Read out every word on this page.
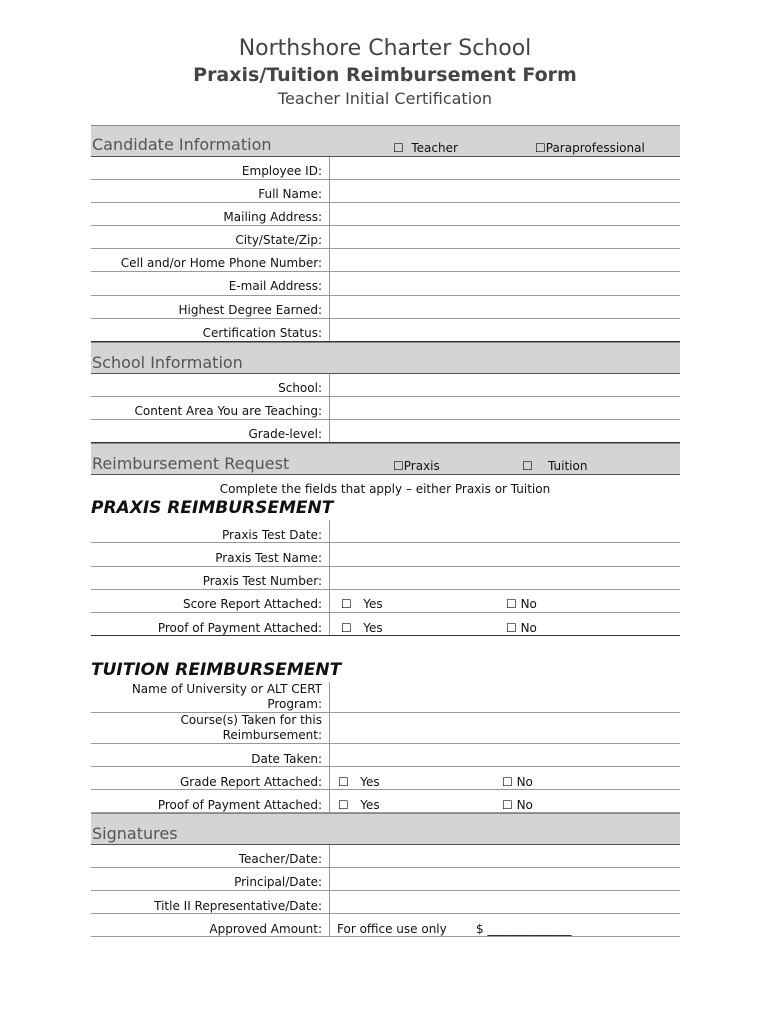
Northshore Charter School
Praxis/Tuition Reimbursement Form
Teacher Initial Certification
Candidate Information	☐  Teacher	☐Paraprofessional
Employee ID:
Full Name:
Mailing Address:
City/State/Zip:
Cell and/or Home Phone Number:
E-mail Address:
Highest Degree Earned:
Certification Status:
School Information
School:
Content Area You are Teaching:
Grade-level:
Reimbursement Request	☐Praxis	☐    Tuition
Complete the fields that apply – either Praxis or Tuition
PRAXIS REIMBURSEMENT
Praxis Test Date:
Praxis Test Name:
Praxis Test Number:
Score Report Attached: ☐   Yes	☐ No
Proof of Payment Attached: ☐   Yes	☐ No
TUITION REIMBURSEMENT
Name of University or ALT CERT Program:
Course(s) Taken for this Reimbursement:
Date Taken:
Grade Report Attached: ☐   Yes	☐ No
Proof of Payment Attached: ☐   Yes	☐ No
Signatures
Teacher/Date:
Principal/Date:
Title II Representative/Date:
Approved Amount: For office use only $ ______________
